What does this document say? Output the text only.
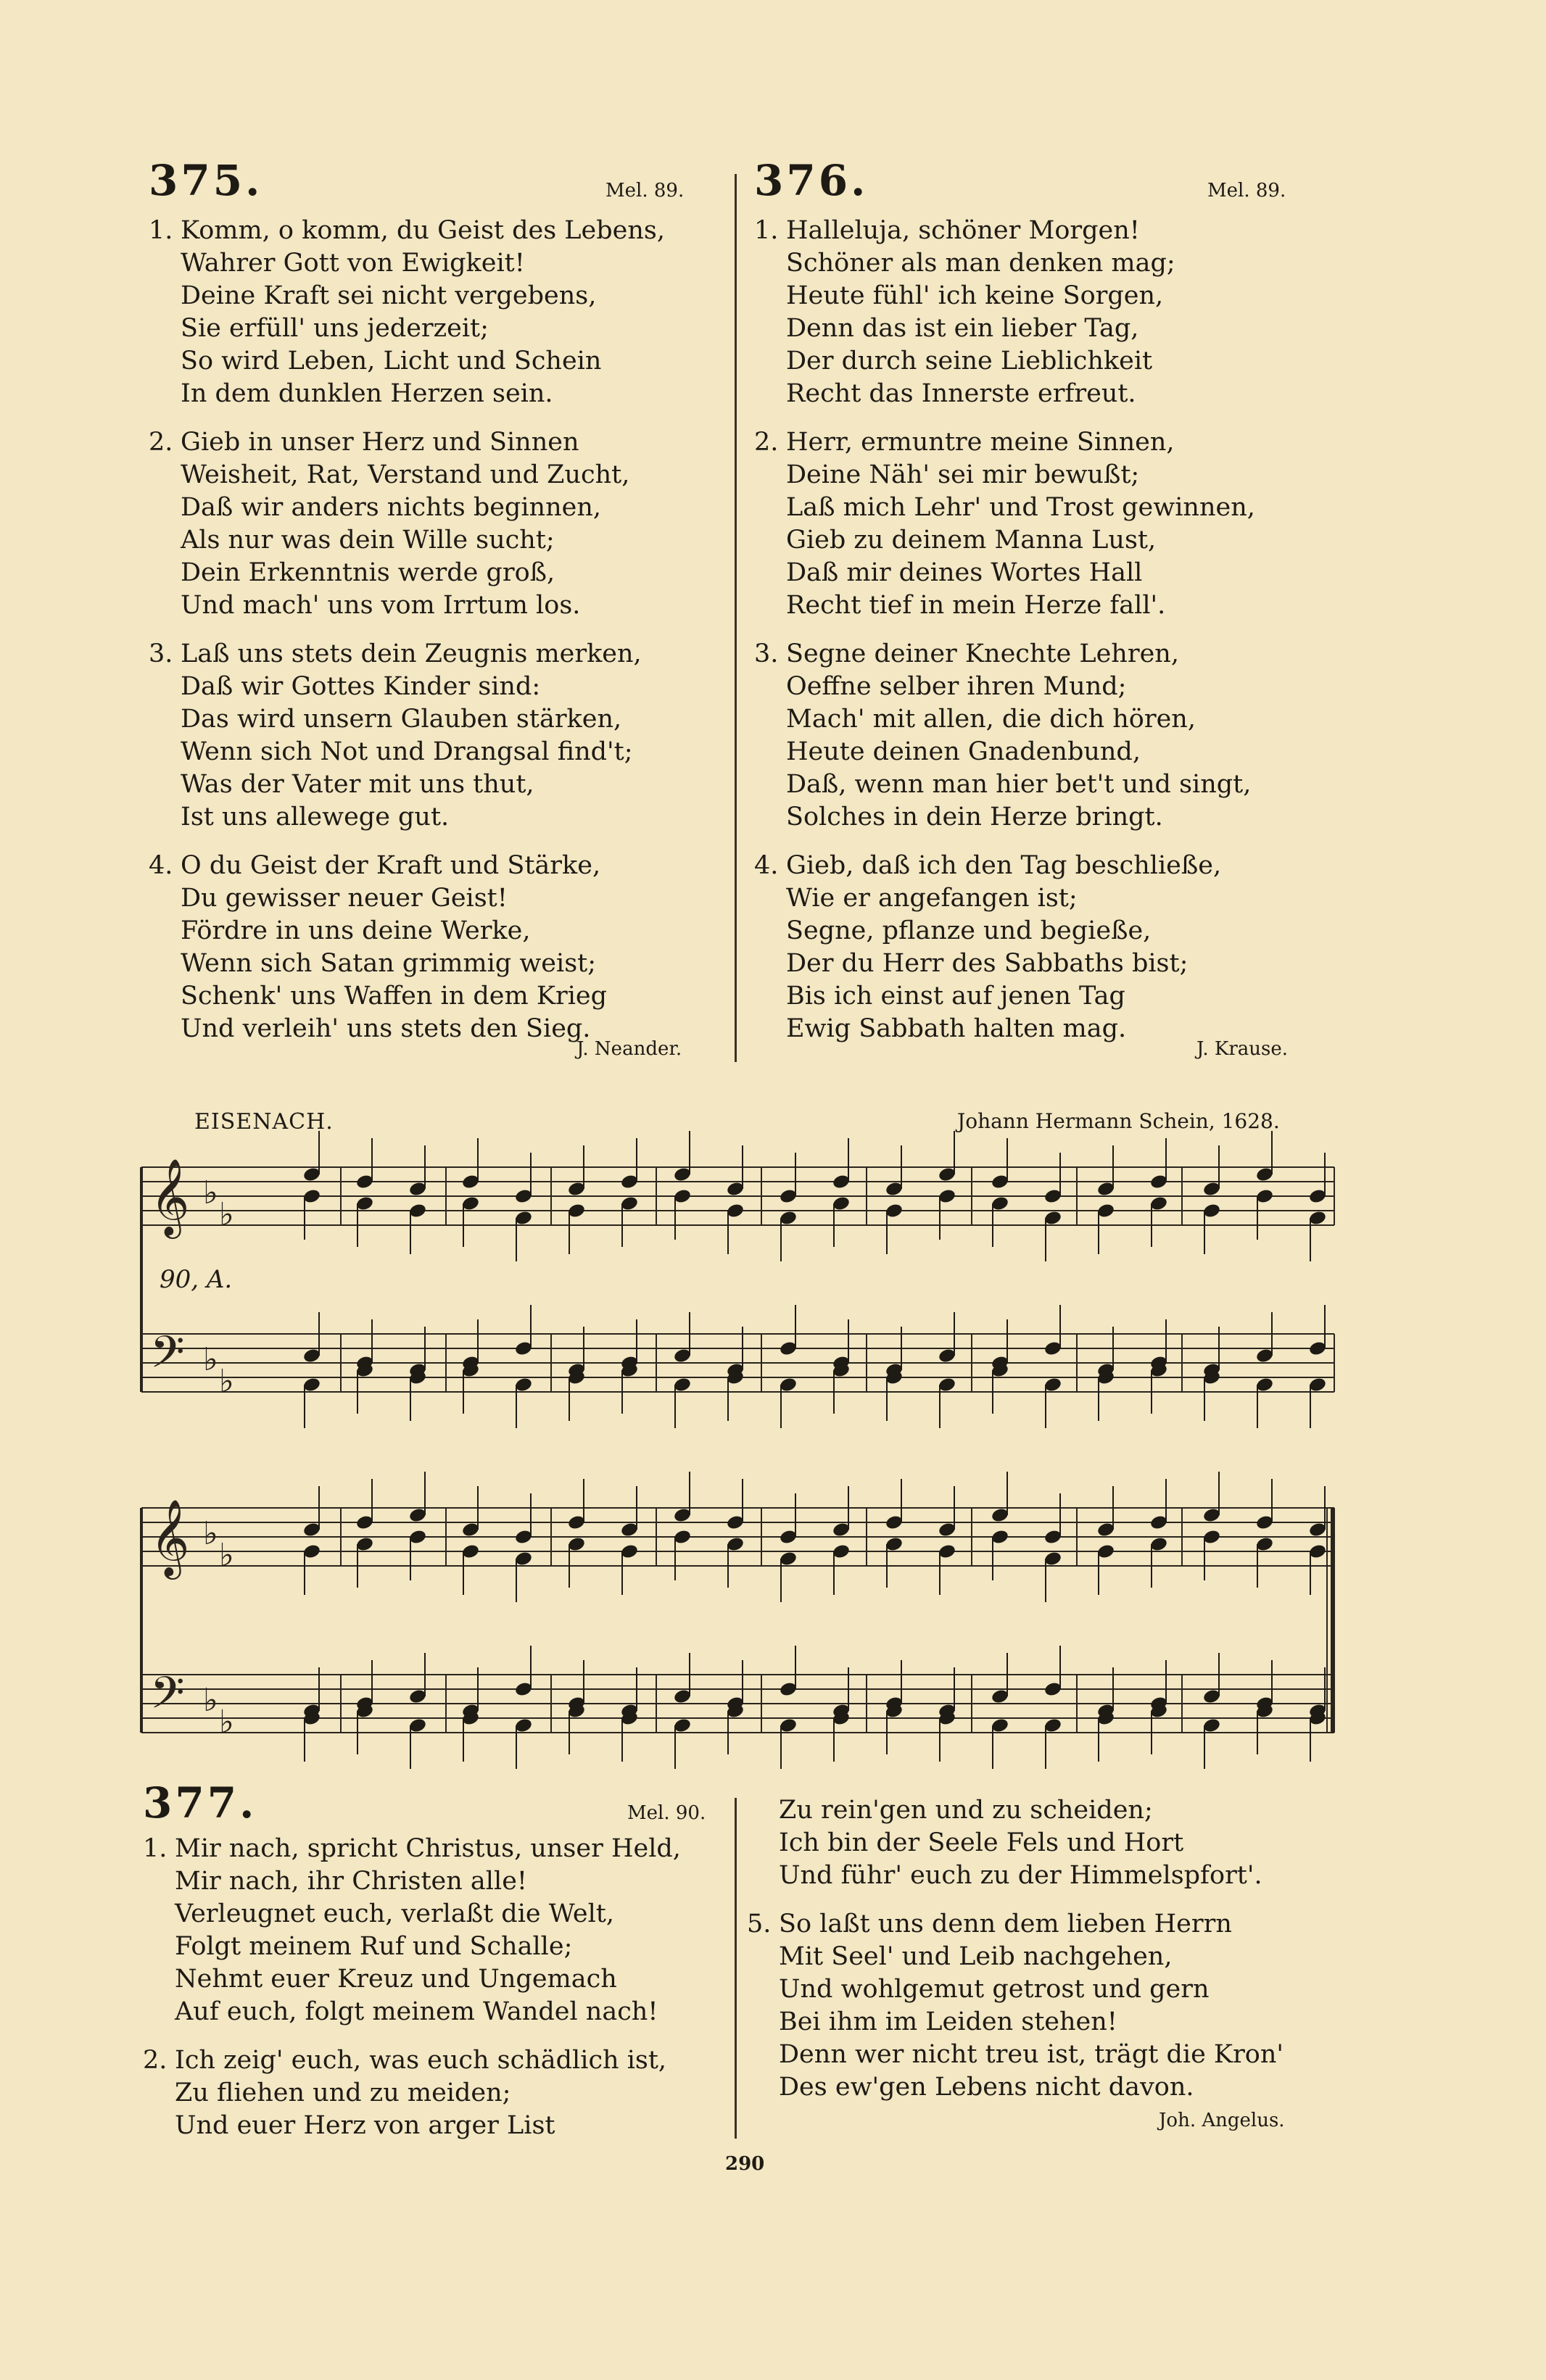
375.	Mel. 89.
1. Komm, o komm, du Geist des Lebens,
Wahrer Gott von Ewigkeit!
Deine Kraft sei nicht vergebens,
Sie erfüll' uns jederzeit;
So wird Leben, Licht und Schein
In dem dunklen Herzen sein.
2. Gieb in unser Herz und Sinnen
Weisheit, Rat, Verstand und Zucht,
Daß wir anders nichts beginnen,
Als nur was dein Wille sucht;
Dein Erkenntnis werde groß,
Und mach' uns vom Irrtum los.
3. Laß uns stets dein Zeugnis merken,
Daß wir Gottes Kinder sind:
Das wird unsern Glauben stärken,
Wenn sich Not und Drangsal find't;
Was der Vater mit uns thut,
Ist uns allewege gut.
4. O du Geist der Kraft und Stärke,
Du gewisser neuer Geist!
Fördre in uns deine Werke,
Wenn sich Satan grimmig weist;
Schenk' uns Waffen in dem Krieg
Und verleih' uns stets den Sieg.
J. Neander.
376.	Mel. 89.
1. Halleluja, schöner Morgen!
Schöner als man denken mag;
Heute fühl' ich keine Sorgen,
Denn das ist ein lieber Tag,
Der durch seine Lieblichkeit
Recht das Innerste erfreut.
2. Herr, ermuntre meine Sinnen,
Deine Näh' sei mir bewußt;
Laß mich Lehr' und Trost gewinnen,
Gieb zu deinem Manna Lust,
Daß mir deines Wortes Hall
Recht tief in mein Herze fall'.
3. Segne deiner Knechte Lehren,
Oeffne selber ihren Mund;
Mach' mit allen, die dich hören,
Heute deinen Gnadenbund,
Daß, wenn man hier bet't und singt,
Solches in dein Herze bringt.
4. Gieb, daß ich den Tag beschließe,
Wie er angefangen ist;
Segne, pflanze und begieße,
Der du Herr des Sabbaths bist;
Bis ich einst auf jenen Tag
Ewig Sabbath halten mag.
J. Krause.
EISENACH.	Johann Hermann Schein, 1628.
90, A.
𝄞
𝄢
♭
♭
♭
♭
𝄞
𝄢
♭
♭
♭
♭
377.	Mel. 90.
1. Mir nach, spricht Christus, unser Held,
Mir nach, ihr Christen alle!
Verleugnet euch, verlaßt die Welt,
Folgt meinem Ruf und Schalle;
Nehmt euer Kreuz und Ungemach
Auf euch, folgt meinem Wandel nach!
2. Ich zeig' euch, was euch schädlich ist,
Zu fliehen und zu meiden;
Und euer Herz von arger List
Zu rein'gen und zu scheiden;
Ich bin der Seele Fels und Hort
Und führ' euch zu der Himmelspfort'.
5. So laßt uns denn dem lieben Herrn
Mit Seel' und Leib nachgehen,
Und wohlgemut getrost und gern
Bei ihm im Leiden stehen!
Denn wer nicht treu ist, trägt die Kron'
Des ew'gen Lebens nicht davon.
Joh. Angelus.
290
